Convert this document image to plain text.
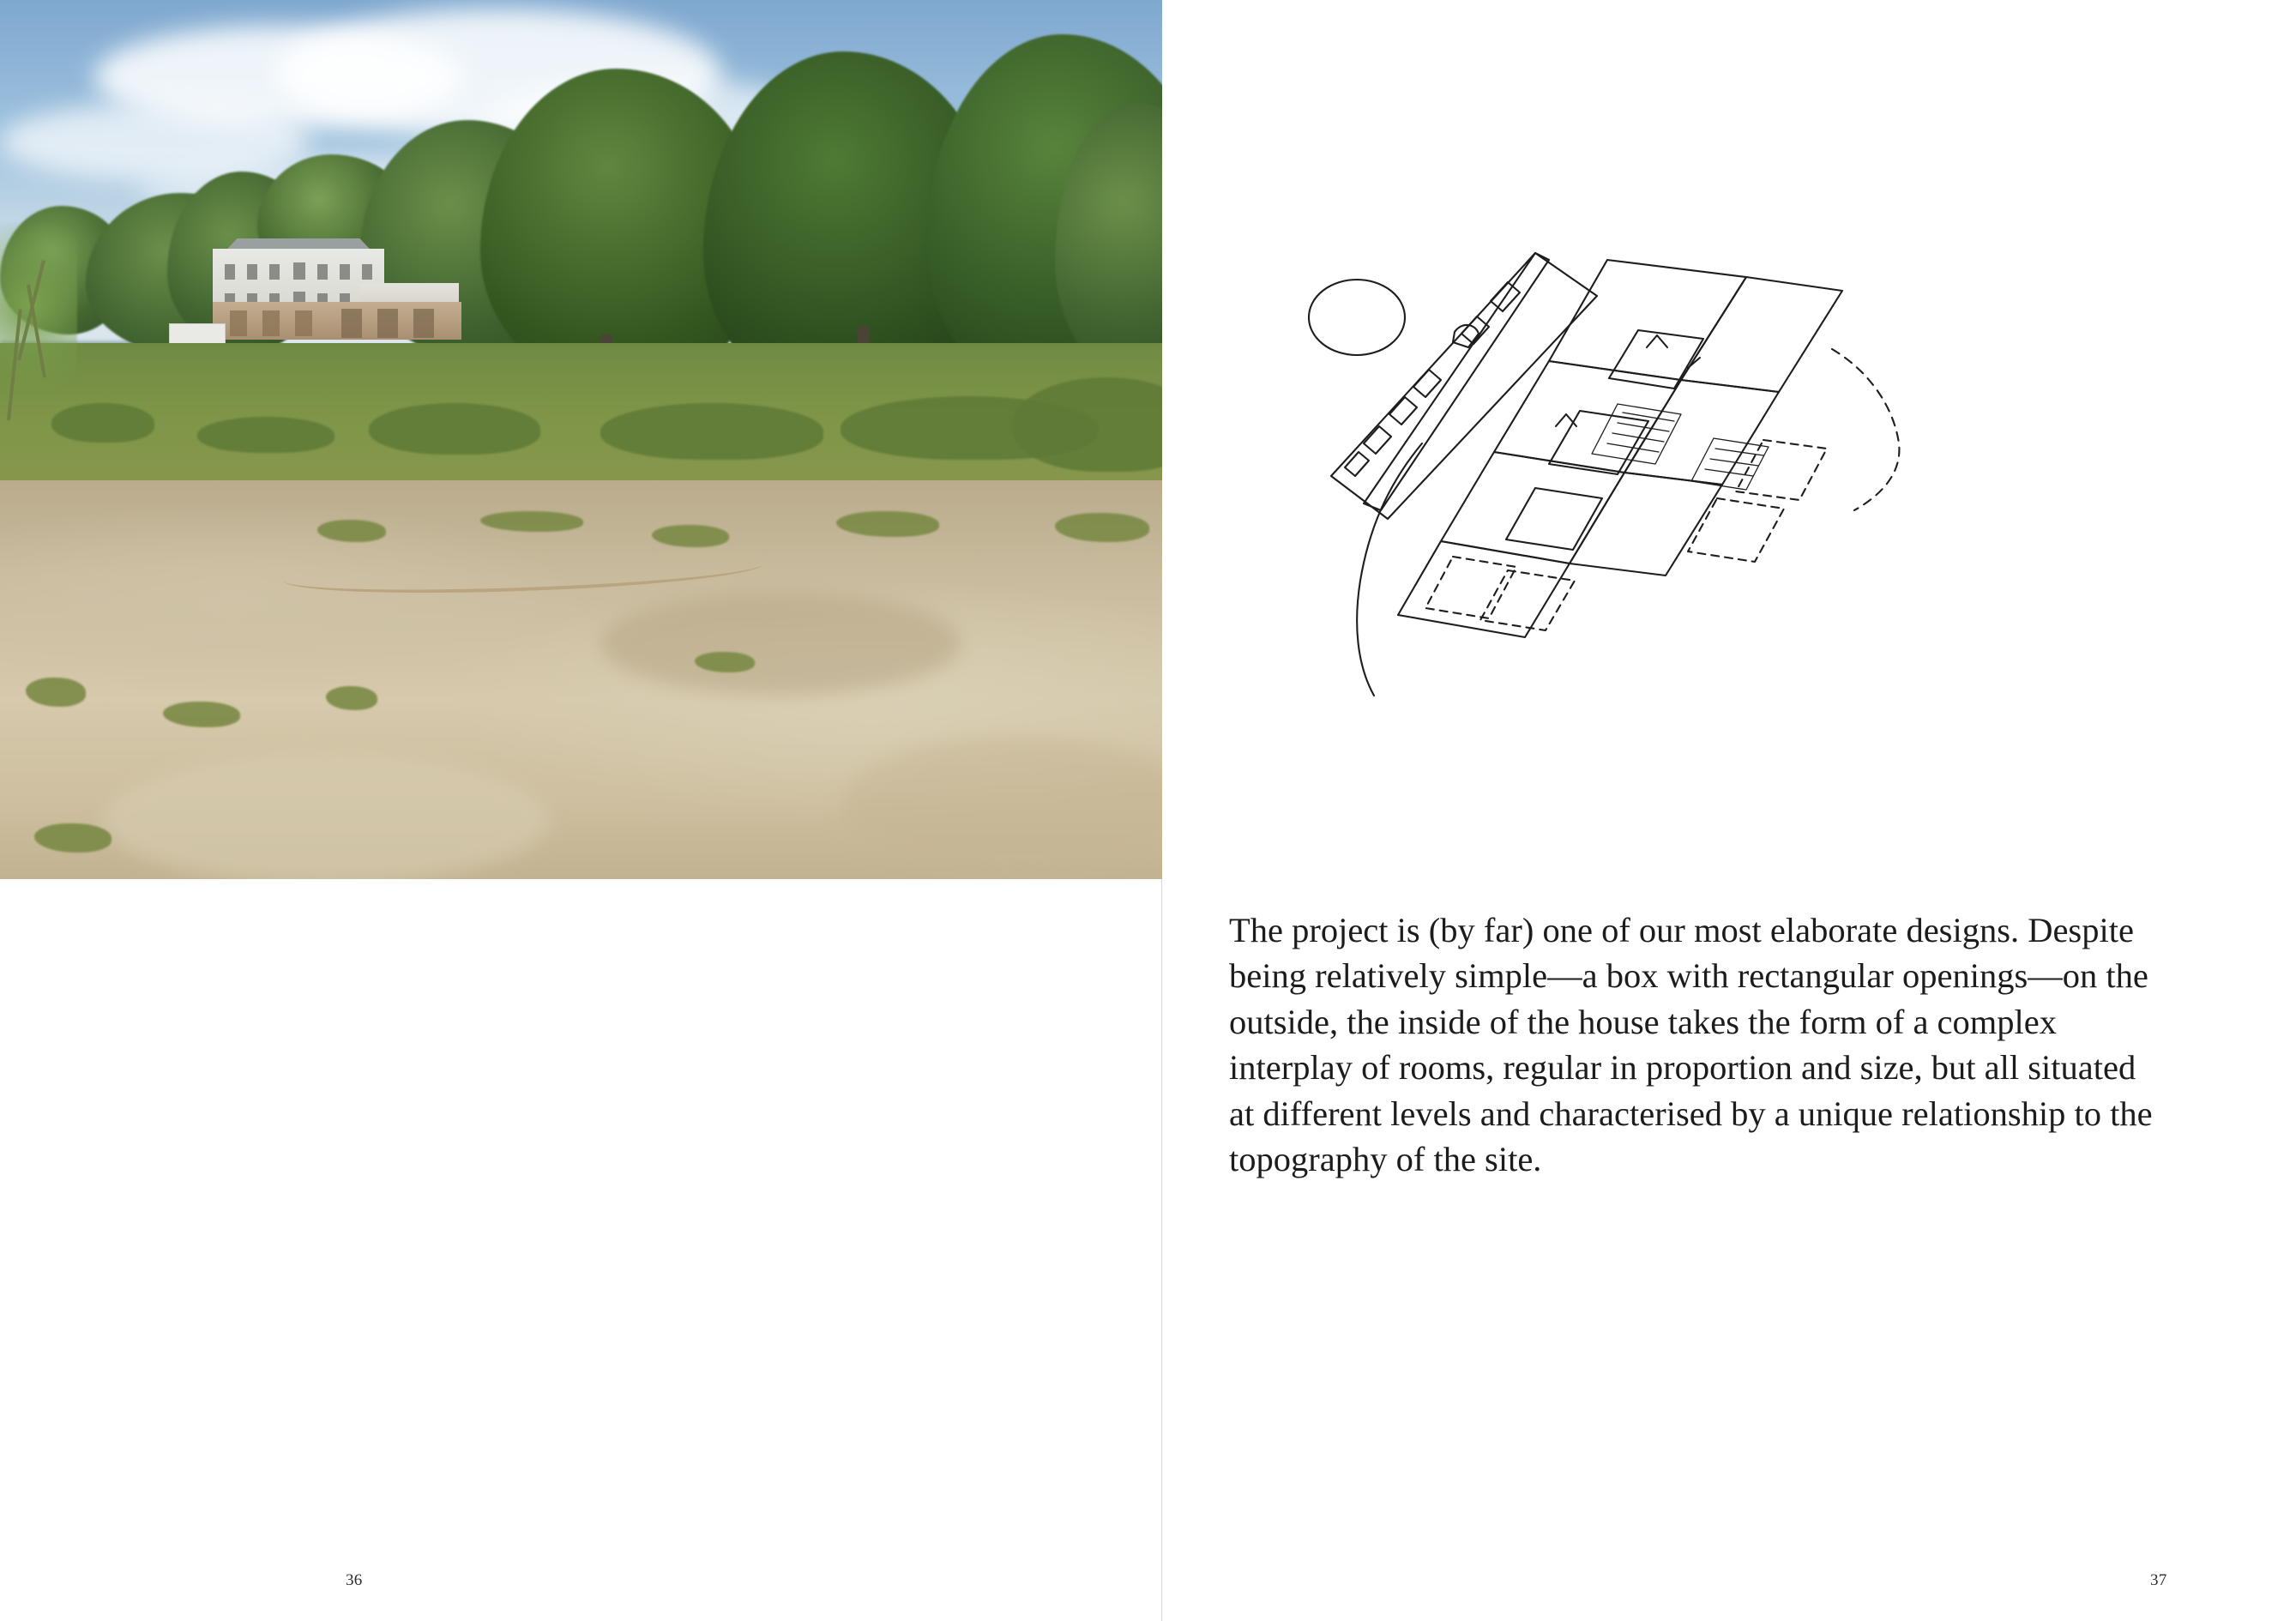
36
The project is (by far) one of our most elaborate designs. Despite being relatively simple—a box with rectangular openings—on the outside, the inside of the house takes the form of a complex interplay of rooms, regular in proportion and size, but all situated at different levels and characterised by a unique relationship to the topography of the site.
37
